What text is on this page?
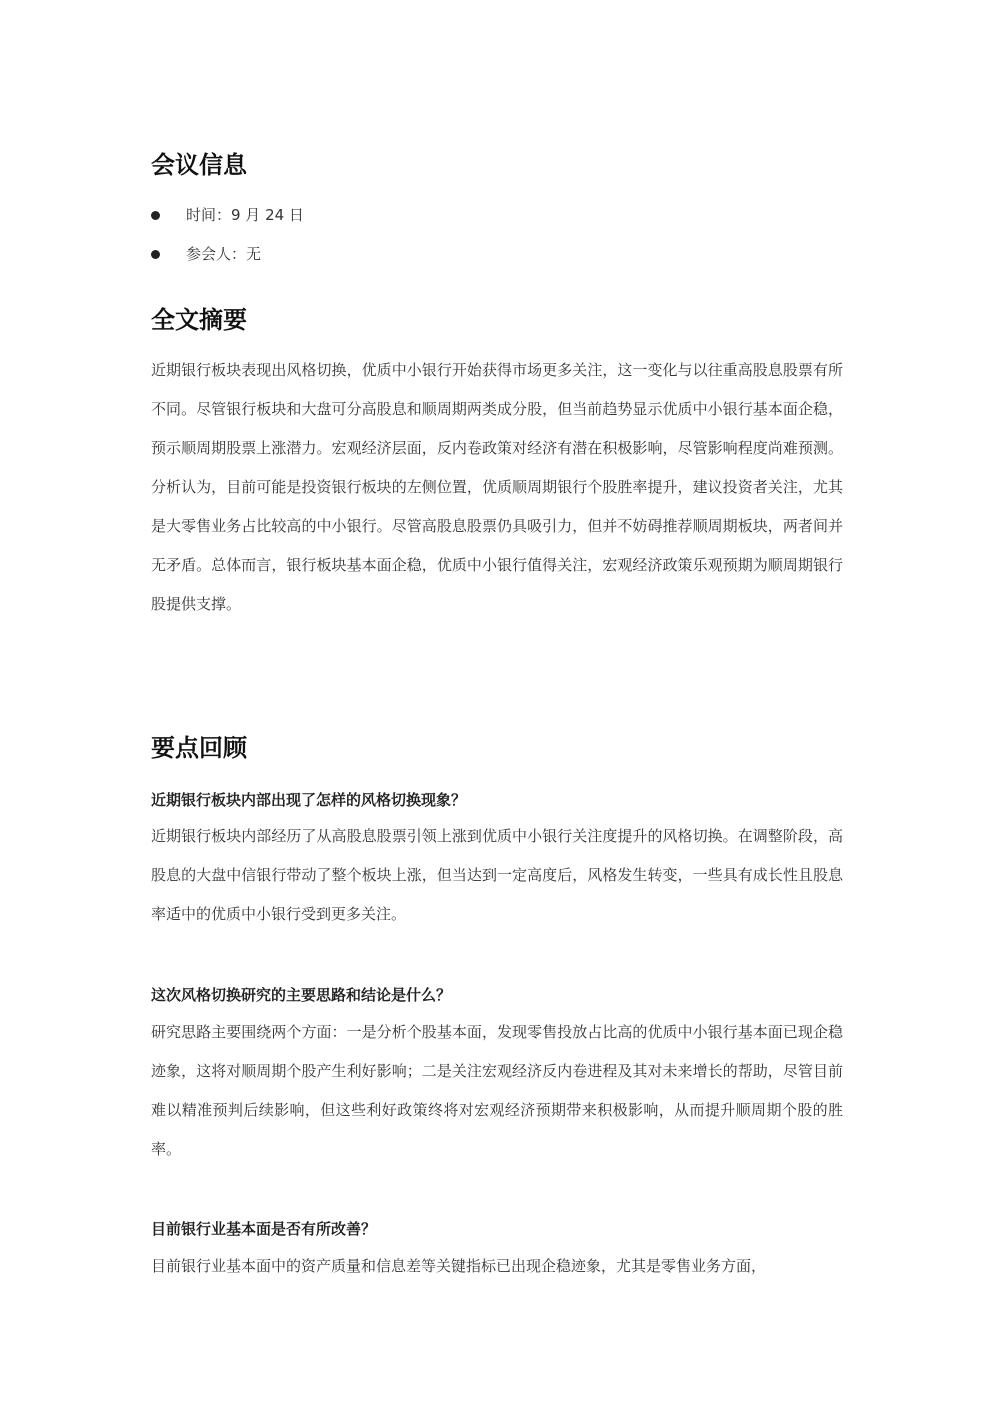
会议信息
时间：9 月 24 日
参会人：无
全文摘要

近期银行板块表现出风格切换，优质中小银行开始获得市场更多关注，这一变化与以往重高股息股票有所不同。尽管银行板块和大盘可分高股息和顺周期两类成分股，但当前趋势显示优质中小银行基本面企稳，预示顺周期股票上涨潜力。宏观经济层面，反内卷政策对经济有潜在积极影响，尽管影响程度尚难预测。分析认为，目前可能是投资银行板块的左侧位置，优质顺周期银行个股胜率提升，建议投资者关注，尤其是大零售业务占比较高的中小银行。尽管高股息股票仍具吸引力，但并不妨碍推荐顺周期板块，两者间并无矛盾。总体而言，银行板块基本面企稳，优质中小银行值得关注，宏观经济政策乐观预期为顺周期银行股提供支撑。

要点回顾

近期银行板块内部出现了怎样的风格切换现象？

近期银行板块内部经历了从高股息股票引领上涨到优质中小银行关注度提升的风格切换。在调整阶段，高股息的大盘中信银行带动了整个板块上涨，但当达到一定高度后，风格发生转变，一些具有成长性且股息率适中的优质中小银行受到更多关注。

这次风格切换研究的主要思路和结论是什么？

研究思路主要围绕两个方面：一是分析个股基本面，发现零售投放占比高的优质中小银行基本面已现企稳迹象，这将对顺周期个股产生利好影响；二是关注宏观经济反内卷进程及其对未来增长的帮助，尽管目前难以精准预判后续影响，但这些利好政策终将对宏观经济预期带来积极影响，从而提升顺周期个股的胜率。

目前银行业基本面是否有所改善？

目前银行业基本面中的资产质量和信息差等关键指标已出现企稳迹象，尤其是零售业务方面，
